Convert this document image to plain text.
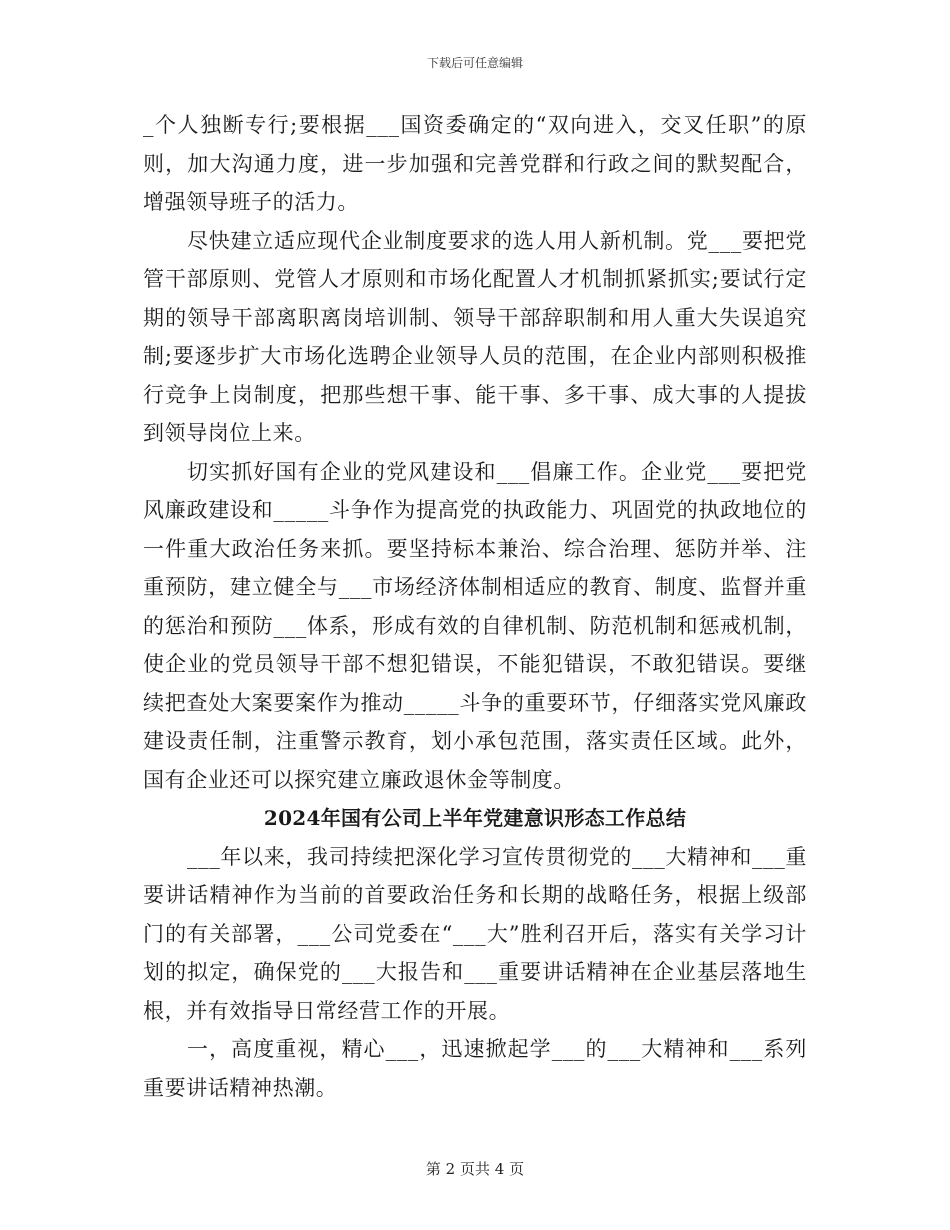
下载后可任意编辑

_个人独断专行;要根据___国资委确定的“双向进入，交叉任职”的原则，加大沟通力度，进一步加强和完善党群和行政之间的默契配合，增强领导班子的活力。

尽快建立适应现代企业制度要求的选人用人新机制。党___要把党管干部原则、党管人才原则和市场化配置人才机制抓紧抓实;要试行定期的领导干部离职离岗培训制、领导干部辞职制和用人重大失误追究制;要逐步扩大市场化选聘企业领导人员的范围，在企业内部则积极推行竞争上岗制度，把那些想干事、能干事、多干事、成大事的人提拔到领导岗位上来。

切实抓好国有企业的党风建设和___倡廉工作。企业党___要把党风廉政建设和_____斗争作为提高党的执政能力、巩固党的执政地位的一件重大政治任务来抓。要坚持标本兼治、综合治理、惩防并举、注重预防，建立健全与___市场经济体制相适应的教育、制度、监督并重的惩治和预防___体系，形成有效的自律机制、防范机制和惩戒机制，使企业的党员领导干部不想犯错误，不能犯错误，不敢犯错误。要继续把查处大案要案作为推动_____斗争的重要环节，仔细落实党风廉政建设责任制，注重警示教育，划小承包范围，落实责任区域。此外，国有企业还可以探究建立廉政退休金等制度。

2024年国有公司上半年党建意识形态工作总结

___年以来，我司持续把深化学习宣传贯彻党的___大精神和___重要讲话精神作为当前的首要政治任务和长期的战略任务，根据上级部门的有关部署，___公司党委在“___大”胜利召开后，落实有关学习计划的拟定，确保党的___大报告和___重要讲话精神在企业基层落地生根，并有效指导日常经营工作的开展。

一，高度重视，精心___，迅速掀起学___的___大精神和___系列重要讲话精神热潮。

第 2 页共 4 页
